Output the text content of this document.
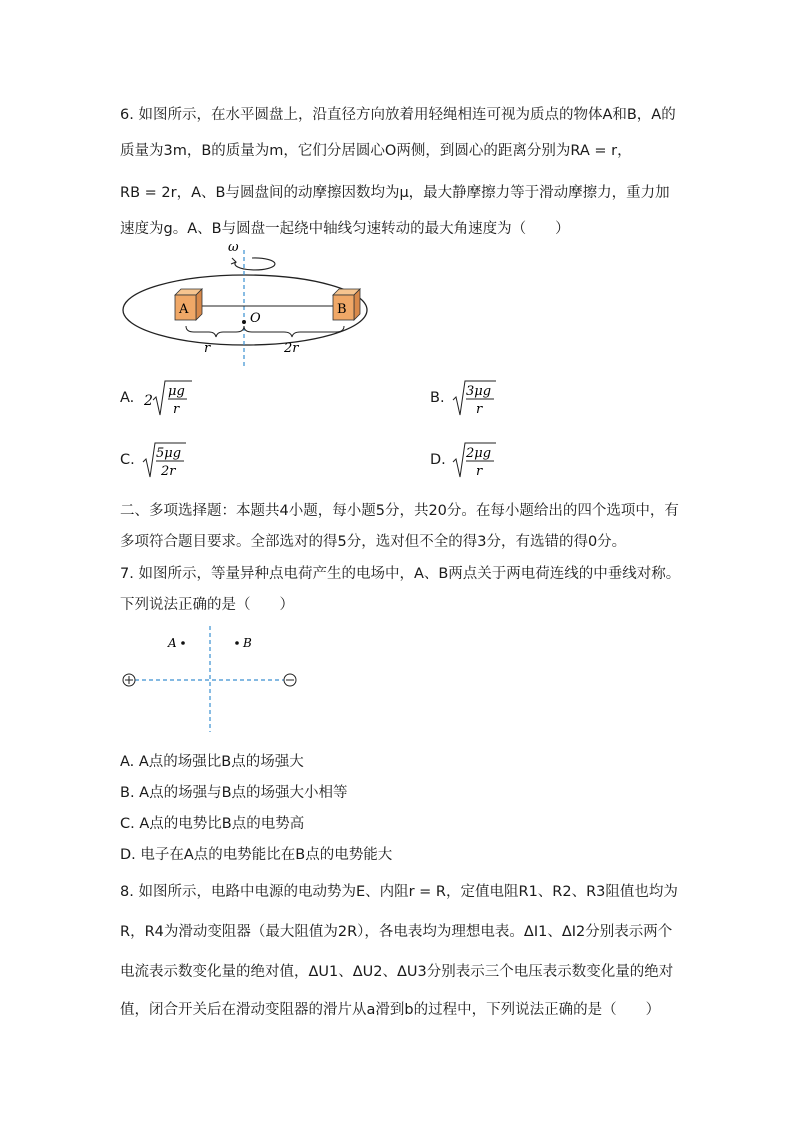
6. 如图所示，在水平圆盘上，沿直径方向放着用轻绳相连可视为质点的物体A和B，A的
质量为3m，B的质量为m，它们分居圆心O两侧，到圆心的距离分别为RA = r，
RB = 2r，A、B与圆盘间的动摩擦因数均为μ，最大静摩擦力等于滑动摩擦力，重力加
速度为g。A、B与圆盘一起绕中轴线匀速转动的最大角速度为（　　）
ω
A	B
O
r	2r
A. 2
μg
r
B. 3μg
r
C. 5μg
2r
D. 2μg
r
二、多项选择题：本题共4小题，每小题5分，共20分。在每小题给出的四个选项中，有
多项符合题目要求。全部选对的得5分，选对但不全的得3分，有选错的得0分。
7. 如图所示，等量异种点电荷产生的电场中，A、B两点关于两电荷连线的中垂线对称。
下列说法正确的是（　　）
A	B
A. A点的场强比B点的场强大
B. A点的场强与B点的场强大小相等
C. A点的电势比B点的电势高
D. 电子在A点的电势能比在B点的电势能大
8. 如图所示，电路中电源的电动势为E、内阻r = R，定值电阻R1、R2、R3阻值也均为
R，R4为滑动变阻器（最大阻值为2R），各电表均为理想电表。ΔI1、ΔI2分别表示两个
电流表示数变化量的绝对值，ΔU1、ΔU2、ΔU3分别表示三个电压表示数变化量的绝对
值，闭合开关后在滑动变阻器的滑片从a滑到b的过程中，下列说法正确的是（　　）
